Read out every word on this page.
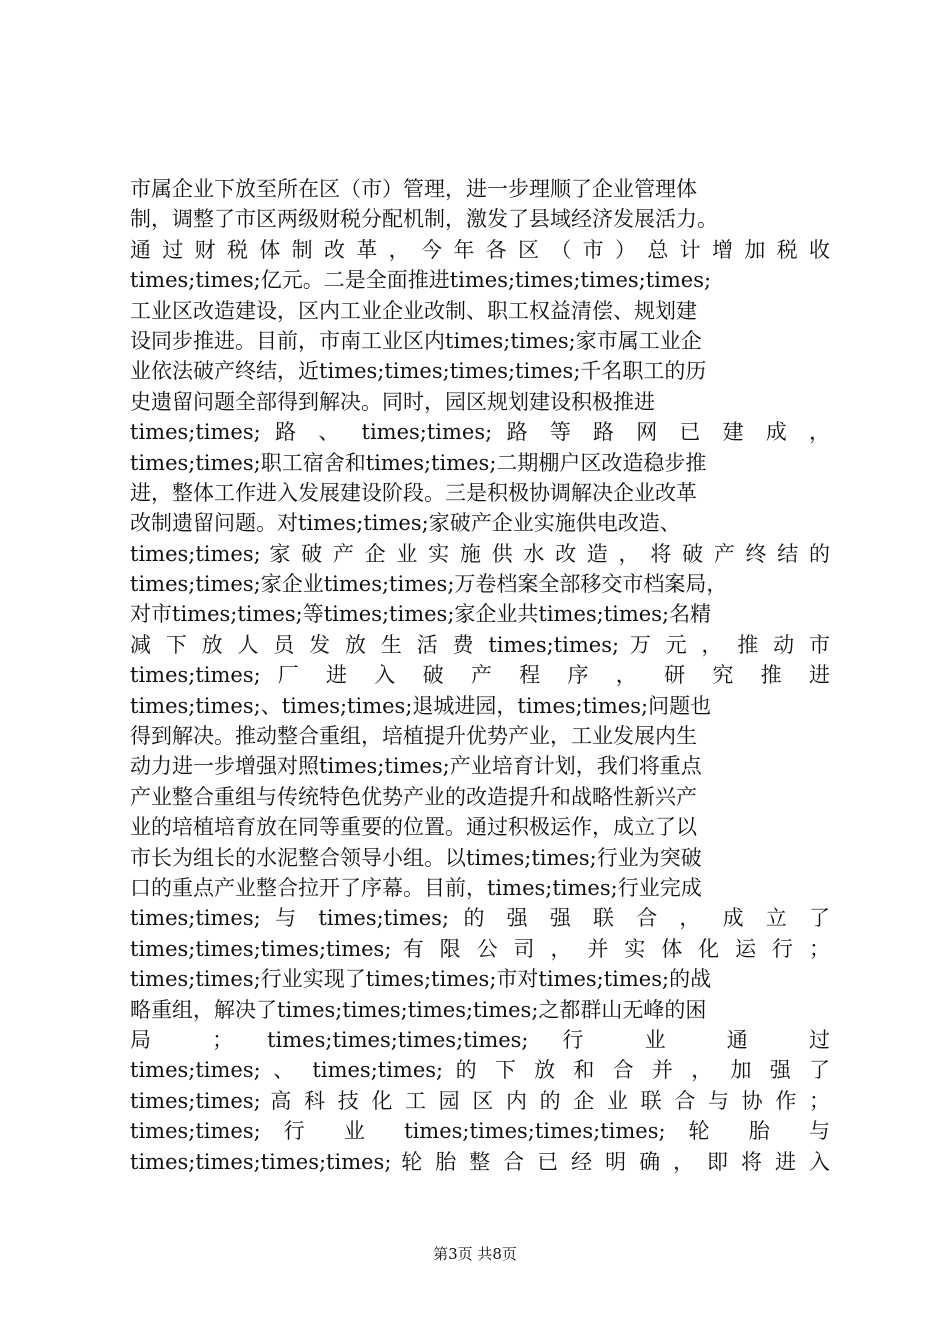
市属企业下放至所在区（市）管理，进一步理顺了企业管理体
制，调整了市区两级财税分配机制，激发了县域经济发展活力。
通过财税体制改革，今年各区（市）总计增加税收
times;times;亿元。二是全面推进times;times;times;times;
工业区改造建设，区内工业企业改制、职工权益清偿、规划建
设同步推进。目前，市南工业区内times;times;家市属工业企
业依法破产终结，近times;times;times;times;千名职工的历
史遗留问题全部得到解决。同时，园区规划建设积极推进
times;times; 路 、 times;times; 路 等 路 网 已 建 成 ，
times;times;职工宿舍和times;times;二期棚户区改造稳步推
进，整体工作进入发展建设阶段。三是积极协调解决企业改革
改制遗留问题。对times;times;家破产企业实施供电改造、
times;times; 家 破 产 企 业 实 施 供 水 改 造 ， 将 破 产 终 结 的
times;times;家企业times;times;万卷档案全部移交市档案局，
对市times;times;等times;times;家企业共times;times;名精
减 下 放 人 员 发 放 生 活 费 times;times; 万 元 ， 推 动 市
times;times; 厂 进 入 破 产 程 序 ， 研 究 推 进
times;times;、times;times;退城进园，times;times;问题也
得到解决。推动整合重组，培植提升优势产业，工业发展内生
动力进一步增强对照times;times;产业培育计划，我们将重点
产业整合重组与传统特色优势产业的改造提升和战略性新兴产
业的培植培育放在同等重要的位置。通过积极运作，成立了以
市长为组长的水泥整合领导小组。以times;times;行业为突破
口的重点产业整合拉开了序幕。目前，times;times;行业完成
times;times; 与 times;times; 的 强 强 联 合 ， 成 立 了
times;times;times;times; 有 限 公 司 ， 并 实 体 化 运 行 ；
times;times;行业实现了times;times;市对times;times;的战
略重组，解决了times;times;times;times;之都群山无峰的困
局 ； times;times;times;times; 行 业 通 过
times;times; 、 times;times; 的 下 放 和 合 并 ， 加 强 了
times;times; 高 科 技 化 工 园 区 内 的 企 业 联 合 与 协 作 ；
times;times; 行 业 times;times;times;times; 轮 胎 与
times;times;times;times; 轮 胎 整 合 已 经 明 确 ， 即 将 进 入
第3页 共8页
